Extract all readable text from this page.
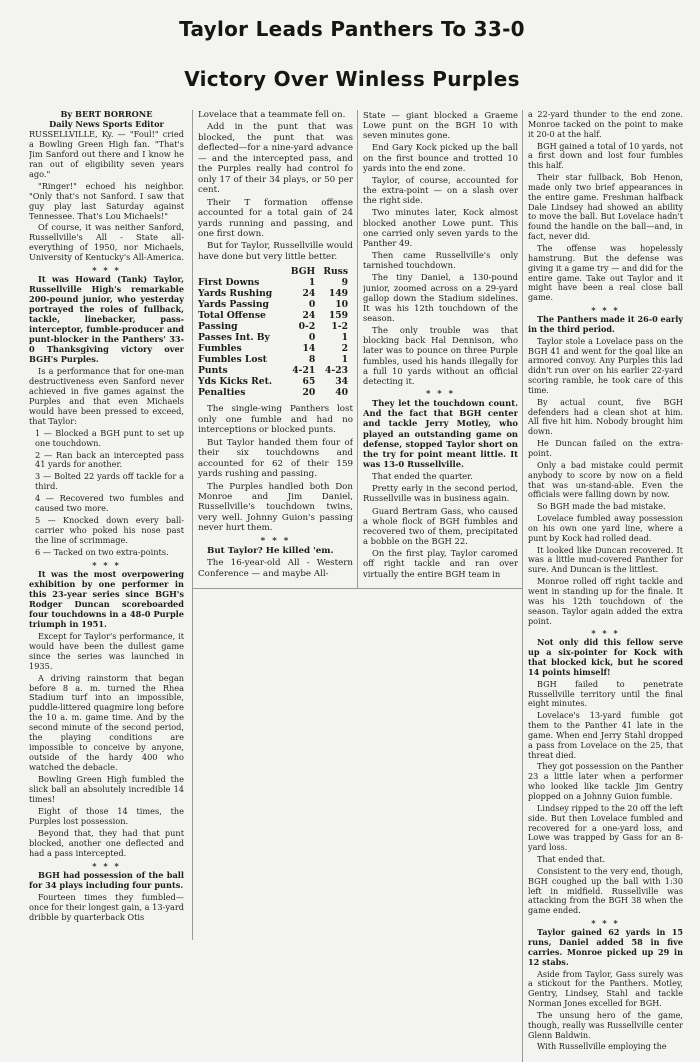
Taylor Leads Panthers To 33-0
Victory Over Winless Purples

By BERT BORRONE

Daily News Sports Editor

RUSSELLVILLE, Ky. — "Foul!" cried a Bowling Green High fan. "That's Jim Sanford out there and I know he ran out of eligibility seven years ago."

"Ringer!" echoed his neighbor. "Only that's not Sanford. I saw that guy play last Saturday against Tennessee. That's Lou Michaels!"

Of course, it was neither Sanford, Russellville's All - State all-everything of 1950, nor Michaels, University of Kentucky's All-America.

* * *

It was Howard (Tank) Taylor, Russellville High's remarkable 200-pound junior, who yesterday portrayed the roles of fullback, tackle, linebacker, pass-interceptor, fumble-producer and punt-blocker in the Panthers' 33-0 Thanksgiving victory over BGH's Purples.

Is a performance that for one-man destructiveness even Sanford never achieved in five games against the Purples and that even Michaels would have been pressed to exceed, that Taylor:

1 — Blocked a BGH punt to set up one touchdown.

2 — Ran back an intercepted pass 41 yards for another.

3 — Bolted 22 yards off tackle for a third.

4 — Recovered two fumbles and caused two more.

5 — Knocked down every ball-carrier who poked his nose past the line of scrimmage.

6 — Tacked on two extra-points.

* * *

It was the most overpowering exhibition by one performer in this 23-year series since BGH's Rodger Duncan scoreboarded four touchdowns in a 48-0 Purple triumph in 1951.

Except for Taylor's performance, it would have been the dullest game since the series was launched in 1935.

A driving rainstorm that began before 8 a. m. turned the Rhea Stadium turf into an impossible, puddle-littered quagmire long before the 10 a. m. game time. And by the second minute of the second period, the playing conditions are impossible to conceive by anyone, outside of the hardy 400 who watched the debacle.

Bowling Green High fumbled the slick ball an absolutely incredible 14 times!

Eight of those 14 times, the Purples lost possession.

Beyond that, they had that punt blocked, another one deflected and had a pass intercepted.

* * *

BGH had possession of the ball for 34 plays including four punts.

Fourteen times they fumbled—once for their longest gain, a 13-yard dribble by quarterback Otis

Lovelace that a teammate fell on.

Add in the punt that was blocked, the punt that was deflected—for a nine-yard advance — and the intercepted pass, and the Purples really had control fo only 17 of their 34 plays, or 50 per cent.

Their T formation offense accounted for a total gain of 24 yards running and passing, and one first down.

But for Taylor, Russellville would have done but very little better.

	BGH	Russ
First Downs	1	9
Yards Rushing	24	149
Yards Passing	0	10
Total Offense	24	159
Passing	0-2	1-2
Passes Int. By	0	1
Fumbles	14	2
Fumbles Lost	8	1
Punts	4-21	4-23
Yds Kicks Ret.	65	34
Penalties	20	40

The single-wing Panthers lost only one fumble and had no interceptions or blocked punts.

But Taylor handed them four of their six touchdowns and accounted for 62 of their 159 yards rushing and passing.

The Purples handled both Don Monroe and Jim Daniel, Russellville's touchdown twins, very well. Johnny Guion's passing never hurt them.

* * *

But Taylor? He killed 'em.

The 16-year-old All - Western Conference — and maybe All-

State — giant blocked a Graeme Lowe punt on the BGH 10 with seven minutes gone.

End Gary Kock picked up the ball on the first bounce and trotted 10 yards into the end zone.

Taylor, of course, accounted for the extra-point — on a slash over the right side.

Two minutes later, Kock almost blocked another Lowe punt. This one carried only seven yards to the Panther 49.

Then came Russellville's only tarnished touchdown.

The tiny Daniel, a 130-pound junior, zoomed across on a 29-yard gallop down the Stadium sidelines. It was his 12th touchdown of the season.

The only trouble was that blocking back Hal Dennison, who later was to pounce on three Purple fumbles, used his hands illegally for a full 10 yards without an official detecting it.

* * *

They let the touchdown count. And the fact that BGH center and tackle Jerry Motley, who played an outstanding game on defense, stopped Taylor short on the try for point meant little. It was 13-0 Russellville.

That ended the quarter.

Pretty early in the second period, Russellville was in business again.

Guard Bertram Gass, who caused a whole flock of BGH fumbles and recovered two of them, precipitated a bobble on the BGH 22.

On the first play, Taylor caromed off right tackle and ran over virtually the entire BGH team in

a 22-yard thunder to the end zone. Monroe tacked on the point to make it 20-0 at the half.

BGH gained a total of 10 yards, not a first down and lost four fumbles this half.

Their star fullback, Bob Henon, made only two brief appearances in the entire game. Freshman halfback Dale Lindsey had showed an ability to move the ball. But Lovelace hadn't found the handle on the ball—and, in fact, never did.

The offense was hopelessly hamstrung. But the defense was giving it a game try — and did for the entire game. Take out Taylor and it might have been a real close ball game.

* * *

The Panthers made it 26-0 early in the third period.

Taylor stole a Lovelace pass on the BGH 41 and went for the goal like an armored convoy. Any Purples this lad didn't run over on his earlier 22-yard scoring ramble, he took care of this time.

By actual count, five BGH defenders had a clean shot at him. All five hit him. Nobody brought him down.

He Duncan failed on the extra-point.

Only a bad mistake could permit anybody to score by now on a field that was un-stand-able. Even the officials were falling down by now.

So BGH made the bad mistake.

Lovelace fumbled away possession on his own one yard line, where a punt by Kock had rolled dead.

It looked like Duncan recovered. It was a little mud-covered Panther for sure. And Duncan is the littlest.

Monroe rolled off right tackle and went in standing up for the finale. It was his 12th touchdown of the season. Taylor again added the extra point.

* * *

Not only did this fellow serve up a six-pointer for Kock with that blocked kick, but he scored 14 points himself!

BGH failed to penetrate Russellville territory until the final eight minutes.

Lovelace's 13-yard fumble got them to the Panther 41 late in the game. When end Jerry Stahl dropped a pass from Lovelace on the 25, that threat died.

They got possession on the Panther 23 a little later when a performer who looked like tackle Jim Gentry plopped on a Johnny Guion fumble.

Lindsey ripped to the 20 off the left side. But then Lovelace fumbled and recovered for a one-yard loss, and Lowe was trapped by Gass for an 8-yard loss.

That ended that.

Consistent to the very end, though, BGH coughed up the ball with 1:30 left in midfield. Russellville was attacking from the BGH 38 when the game ended.

* * *

Taylor gained 62 yards in 15 runs, Daniel added 58 in five carries. Monroe picked up 29 in 12 stabs.

Aside from Taylor, Gass surely was a stickout for the Panthers. Motley, Gentry, Lindsey, Stahl and tackle Norman Jones excelled for BGH.

The unsung hero of the game, though, really was Russellville center Glenn Baldwin.

With Russellville employing the
